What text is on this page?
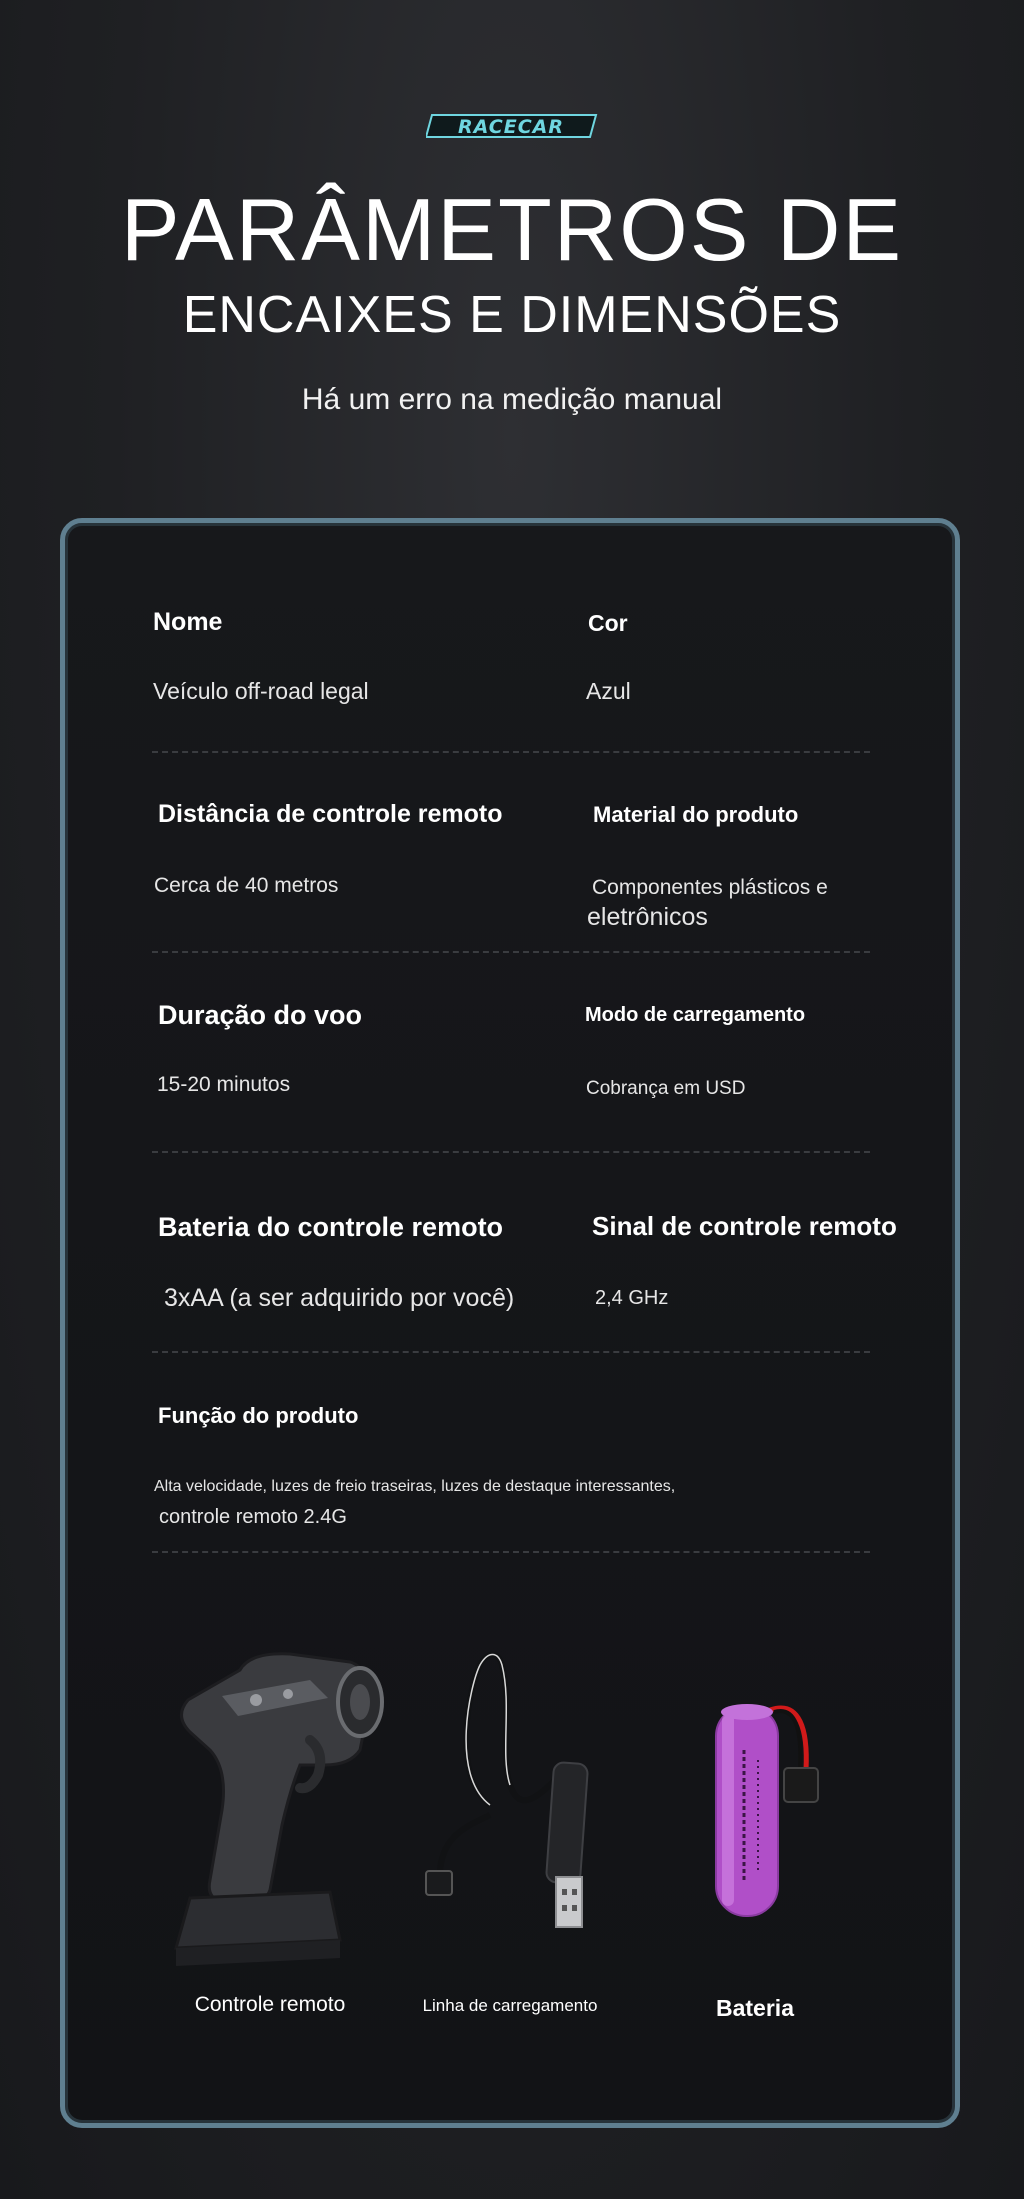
RACECAR
PARÂMETROS DE
ENCAIXES E DIMENSÕES
Há um erro na medição manual
Nome
Veículo off-road legal
Cor
Azul
Distância de controle remoto
Cerca de 40 metros
Material do produto
Componentes plásticos e
eletrônicos
Duração do voo
15-20 minutos
Modo de carregamento
Cobrança em USD
Bateria do controle remoto
3xAA (a ser adquirido por você)
Sinal de controle remoto
2,4 GHz
Função do produto
Alta velocidade, luzes de freio traseiras, luzes de destaque interessantes,
controle remoto 2.4G
Controle remoto	Linha de carregamento	Bateria
